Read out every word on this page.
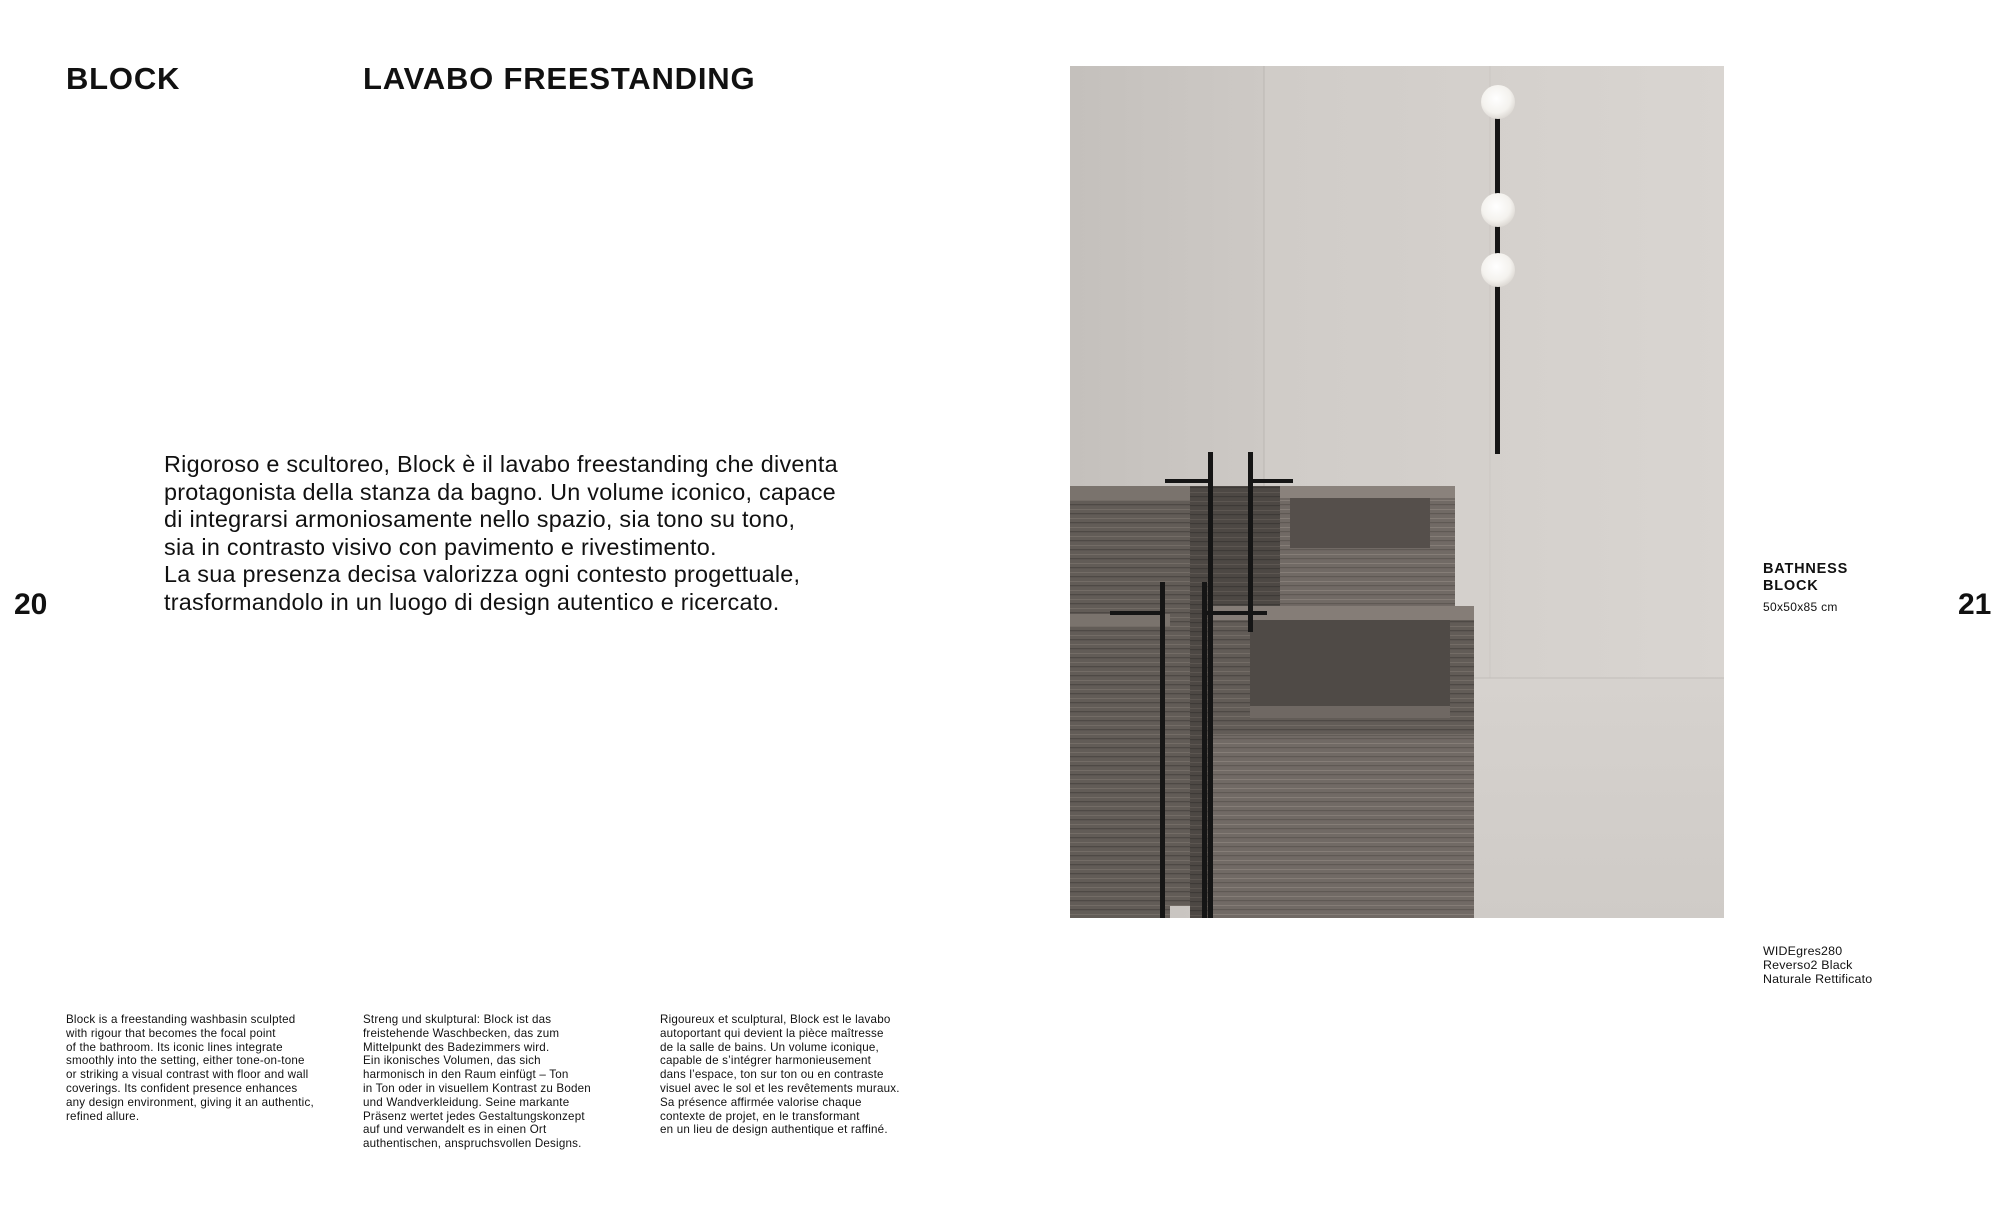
BLOCK	LAVABO FREESTANDING
Rigoroso e scultoreo, Block è il lavabo freestanding che diventa
protagonista della stanza da bagno. Un volume iconico, capace
di integrarsi armoniosamente nello spazio, sia tono su tono,
sia in contrasto visivo con pavimento e rivestimento.
La sua presenza decisa valorizza ogni contesto progettuale,
trasformandolo in un luogo di design autentico e ricercato.
20	21
Block is a freestanding washbasin sculpted
with rigour that becomes the focal point
of the bathroom. Its iconic lines integrate
smoothly into the setting, either tone-on-tone
or striking a visual contrast with floor and wall
coverings. Its confident presence enhances
any design environment, giving it an authentic,
refined allure.
Streng und skulptural: Block ist das
freistehende Waschbecken, das zum
Mittelpunkt des Badezimmers wird.
Ein ikonisches Volumen, das sich
harmonisch in den Raum einfügt – Ton
in Ton oder in visuellem Kontrast zu Boden
und Wandverkleidung. Seine markante
Präsenz wertet jedes Gestaltungskonzept
auf und verwandelt es in einen Ort
authentischen, anspruchsvollen Designs.
Rigoureux et sculptural, Block est le lavabo
autoportant qui devient la pièce maîtresse
de la salle de bains. Un volume iconique,
capable de s’intégrer harmonieusement
dans l’espace, ton sur ton ou en contraste
visuel avec le sol et les revêtements muraux.
Sa présence affirmée valorise chaque
contexte de projet, en le transformant
en un lieu de design authentique et raffiné.
BATHNESS
BLOCK
50x50x85 cm
WIDEgres280
Reverso2 Black
Naturale Rettificato
